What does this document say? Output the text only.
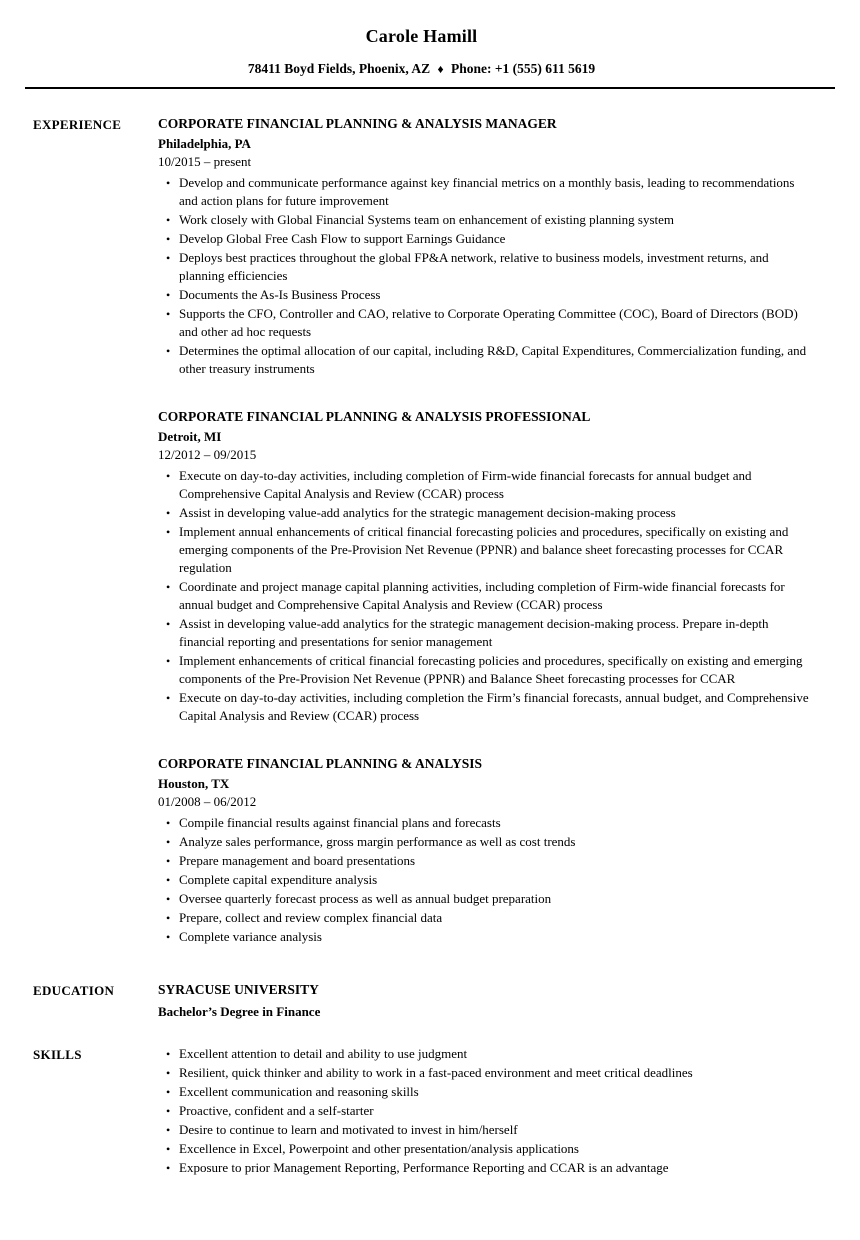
Carole Hamill
78411 Boyd Fields, Phoenix, AZ ♦ Phone: +1 (555) 611 5619
EXPERIENCE	CORPORATE FINANCIAL PLANNING & ANALYSIS MANAGER
Philadelphia, PA
10/2015 – present
• Develop and communicate performance against key financial metrics on a monthly basis, leading to recommendations and action plans for future improvement
• Work closely with Global Financial Systems team on enhancement of existing planning system
• Develop Global Free Cash Flow to support Earnings Guidance
• Deploys best practices throughout the global FP&A network, relative to business models, investment returns, and planning efficiencies
• Documents the As-Is Business Process
• Supports the CFO, Controller and CAO, relative to Corporate Operating Committee (COC), Board of Directors (BOD) and other ad hoc requests
• Determines the optimal allocation of our capital, including R&D, Capital Expenditures, Commercialization funding, and other treasury instruments
CORPORATE FINANCIAL PLANNING & ANALYSIS PROFESSIONAL
Detroit, MI
12/2012 – 09/2015
• Execute on day-to-day activities, including completion of Firm-wide financial forecasts for annual budget and Comprehensive Capital Analysis and Review (CCAR) process
• Assist in developing value-add analytics for the strategic management decision-making process
• Implement annual enhancements of critical financial forecasting policies and procedures, specifically on existing and emerging components of the Pre-Provision Net Revenue (PPNR) and balance sheet forecasting processes for CCAR regulation
• Coordinate and project manage capital planning activities, including completion of Firm-wide financial forecasts for annual budget and Comprehensive Capital Analysis and Review (CCAR) process
• Assist in developing value-add analytics for the strategic management decision-making process. Prepare in-depth financial reporting and presentations for senior management
• Implement enhancements of critical financial forecasting policies and procedures, specifically on existing and emerging components of the Pre-Provision Net Revenue (PPNR) and Balance Sheet forecasting processes for CCAR
• Execute on day-to-day activities, including completion the Firm’s financial forecasts, annual budget, and Comprehensive Capital Analysis and Review (CCAR) process
CORPORATE FINANCIAL PLANNING & ANALYSIS
Houston, TX
01/2008 – 06/2012
• Compile financial results against financial plans and forecasts
• Analyze sales performance, gross margin performance as well as cost trends
• Prepare management and board presentations
• Complete capital expenditure analysis
• Oversee quarterly forecast process as well as annual budget preparation
• Prepare, collect and review complex financial data
• Complete variance analysis
EDUCATION	SYRACUSE UNIVERSITY
Bachelor’s Degree in Finance
SKILLS	• Excellent attention to detail and ability to use judgment
• Resilient, quick thinker and ability to work in a fast-paced environment and meet critical deadlines
• Excellent communication and reasoning skills
• Proactive, confident and a self-starter
• Desire to continue to learn and motivated to invest in him/herself
• Excellence in Excel, Powerpoint and other presentation/analysis applications
• Exposure to prior Management Reporting, Performance Reporting and CCAR is an advantage
